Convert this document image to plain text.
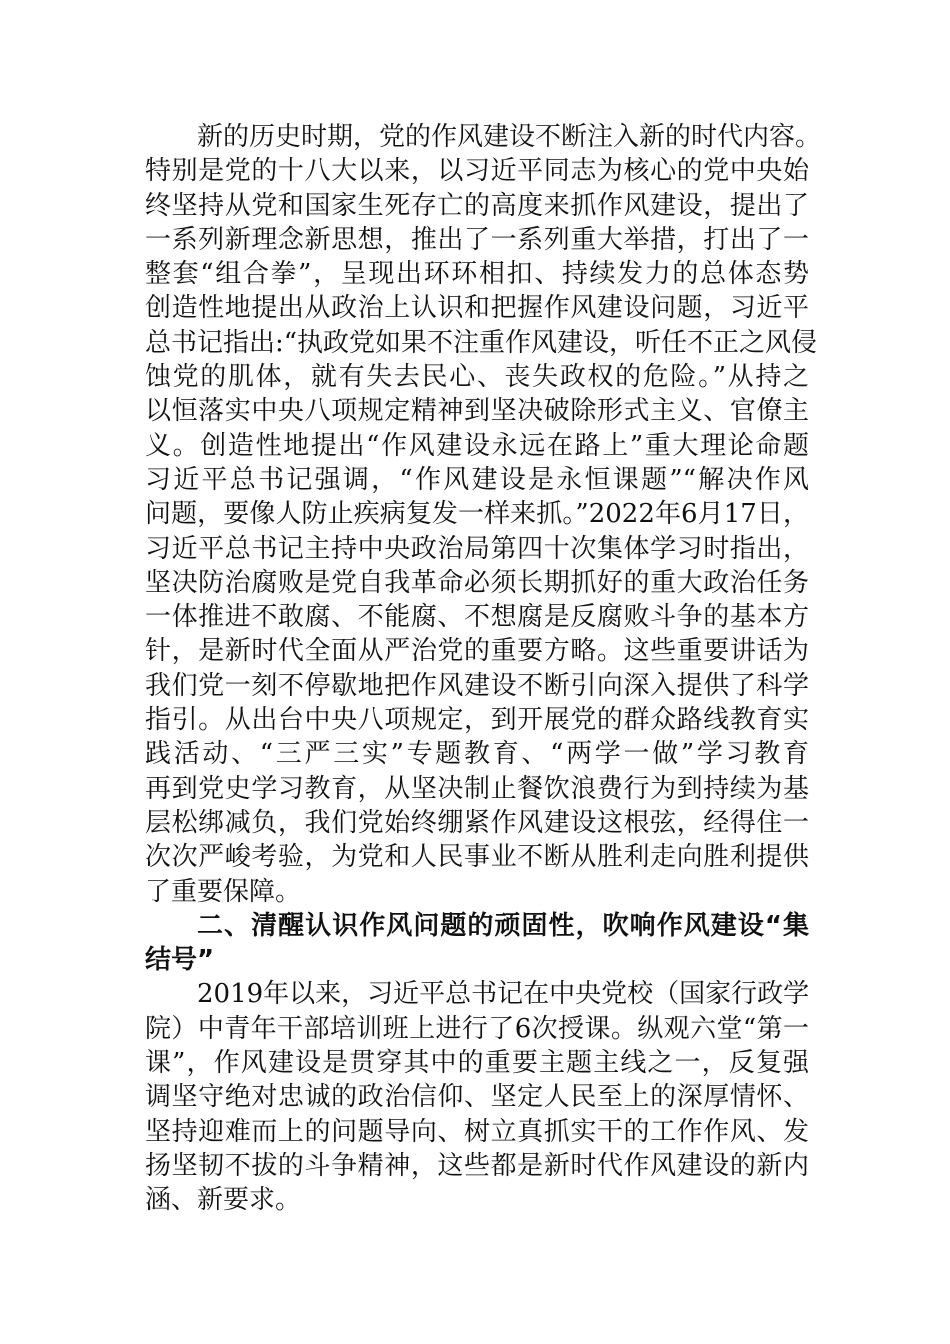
新的历史时期，党的作风建设不断注入新的时代内容。
特别是党的十八大以来，以习近平同志为核心的党中央始
终坚持从党和国家生死存亡的高度来抓作风建设，提出了
一系列新理念新思想，推出了一系列重大举措，打出了一
整套“组合拳”，呈现出环环相扣、持续发力的总体态势
创造性地提出从政治上认识和把握作风建设问题，习近平
总书记指出:“执政党如果不注重作风建设，听任不正之风侵
蚀党的肌体，就有失去民心、丧失政权的危险。”从持之
以恒落实中央八项规定精神到坚决破除形式主义、官僚主
义。创造性地提出“作风建设永远在路上”重大理论命题
习近平总书记强调，“作风建设是永恒课题”“解决作风
问题，要像人防止疾病复发一样来抓。”2022年6月17日，
习近平总书记主持中央政治局第四十次集体学习时指出，
坚决防治腐败是党自我革命必须长期抓好的重大政治任务
一体推进不敢腐、不能腐、不想腐是反腐败斗争的基本方
针，是新时代全面从严治党的重要方略。这些重要讲话为
我们党一刻不停歇地把作风建设不断引向深入提供了科学
指引。从出台中央八项规定，到开展党的群众路线教育实
践活动、“三严三实”专题教育、“两学一做”学习教育
再到党史学习教育，从坚决制止餐饮浪费行为到持续为基
层松绑减负，我们党始终绷紧作风建设这根弦，经得住一
次次严峻考验，为党和人民事业不断从胜利走向胜利提供
了重要保障。
二、清醒认识作风问题的顽固性，吹响作风建设“集
结号”
2019年以来，习近平总书记在中央党校（国家行政学
院）中青年干部培训班上进行了6次授课。纵观六堂“第一
课”，作风建设是贯穿其中的重要主题主线之一，反复强
调坚守绝对忠诚的政治信仰、坚定人民至上的深厚情怀、
坚持迎难而上的问题导向、树立真抓实干的工作作风、发
扬坚韧不拔的斗争精神，这些都是新时代作风建设的新内
涵、新要求。
